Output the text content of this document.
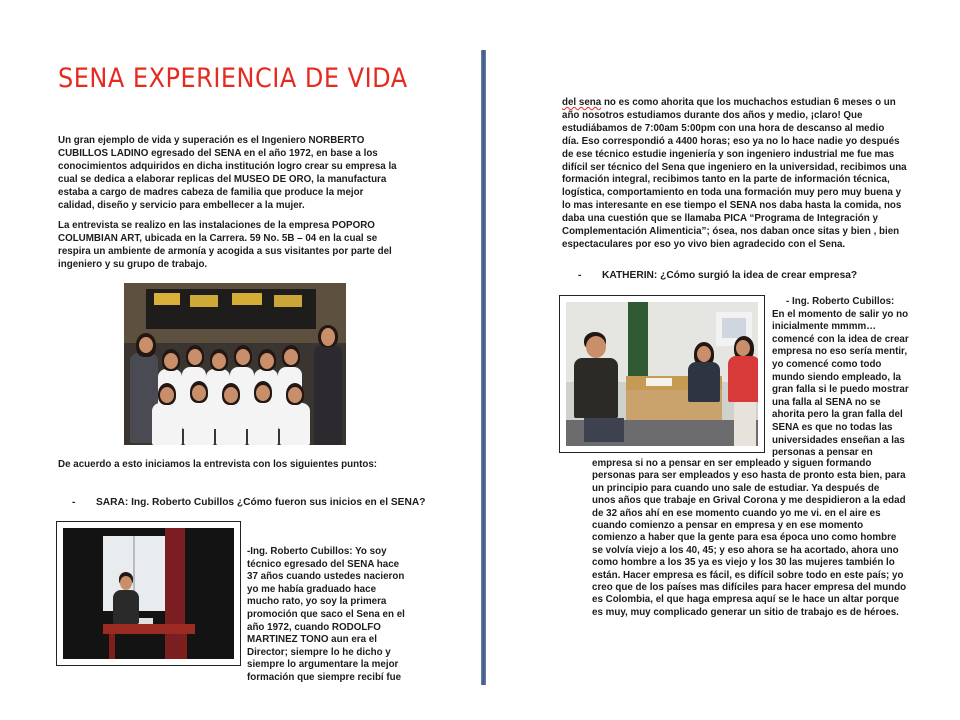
SENA EXPERIENCIA DE VIDA
Un gran ejemplo de vida y superación es el Ingeniero NORBERTO
CUBILLOS LADINO egresado del SENA en el año 1972, en base a los
conocimientos adquiridos en dicha institución logro crear su empresa la
cual se dedica a elaborar replicas del MUSEO DE ORO, la manufactura
estaba a cargo de madres cabeza de familia que produce la mejor
calidad, diseño y servicio para embellecer a la mujer.
La entrevista se realizo en las instalaciones de la empresa POPORO
COLUMBIAN ART, ubicada en la Carrera. 59 No. 5B – 04 en la cual se
respira un ambiente de armonía y acogida a sus visitantes por parte del
ingeniero y su grupo de trabajo.
De acuerdo a esto iniciamos la entrevista con los siguientes puntos:
- SARA: Ing. Roberto Cubillos ¿Cómo fueron sus inicios en el SENA?
-Ing. Roberto Cubillos: Yo soy
técnico egresado del SENA hace
37 años cuando ustedes nacieron
yo me había graduado hace
mucho rato, yo soy la primera
promoción que saco el Sena en el
año 1972, cuando RODOLFO
MARTINEZ TONO aun era el
Director; siempre lo he dicho y
siempre lo argumentare la mejor
formación que siempre recibí fue
del sena no es como ahorita que los muchachos estudian 6 meses o un
año nosotros estudiamos durante dos años y medio, ¡claro! Que
estudiábamos de 7:00am 5:00pm con una hora de descanso al medio
día. Eso correspondió a 4400 horas; eso ya no lo hace nadie yo después
de ese técnico estudie ingeniería y son ingeniero industrial me fue mas
difícil ser técnico del Sena que ingeniero en la universidad, recibimos una
formación integral, recibimos tanto en la parte de información técnica,
logística, comportamiento en toda una formación muy pero muy buena y
lo mas interesante en ese tiempo el SENA nos daba hasta la comida, nos
daba una cuestión que se llamaba PICA “Programa de Integración y
Complementación Alimenticia”; ósea, nos daban once sitas y bien , bien
espectaculares por eso yo vivo bien agradecido con el Sena.
- KATHERIN: ¿Cómo surgió la idea de crear empresa?
- Ing. Roberto Cubillos:
En el momento de salir yo no
inicialmente mmmm…
comencé con la idea de crear
empresa no eso sería mentir,
yo comencé como todo
mundo siendo empleado, la
gran falla si le puedo mostrar
una falla al SENA no se
ahorita pero la gran falla del
SENA es que no todas las
universidades enseñan a las
personas a pensar en
empresa si no a pensar en ser empleado y siguen formando
personas para ser empleados y eso hasta de pronto esta bien, para
un principio para cuando uno sale de estudiar. Ya después de
unos años que trabaje en Grival Corona y me despidieron a la edad
de 32 años ahí en ese momento cuando yo me vi. en el aire es
cuando comienzo a pensar en empresa y en ese momento
comienzo a haber que la gente para esa época uno como hombre
se volvía viejo a los 40, 45; y eso ahora se ha acortado, ahora uno
como hombre a los 35 ya es viejo y los 30 las mujeres también lo
están. Hacer empresa es fácil, es difícil sobre todo en este país; yo
creo que de los países mas difíciles para hacer empresa del mundo
es Colombia, el que haga empresa aquí se le hace un altar porque
es muy, muy complicado generar un sitio de trabajo es de héroes.
